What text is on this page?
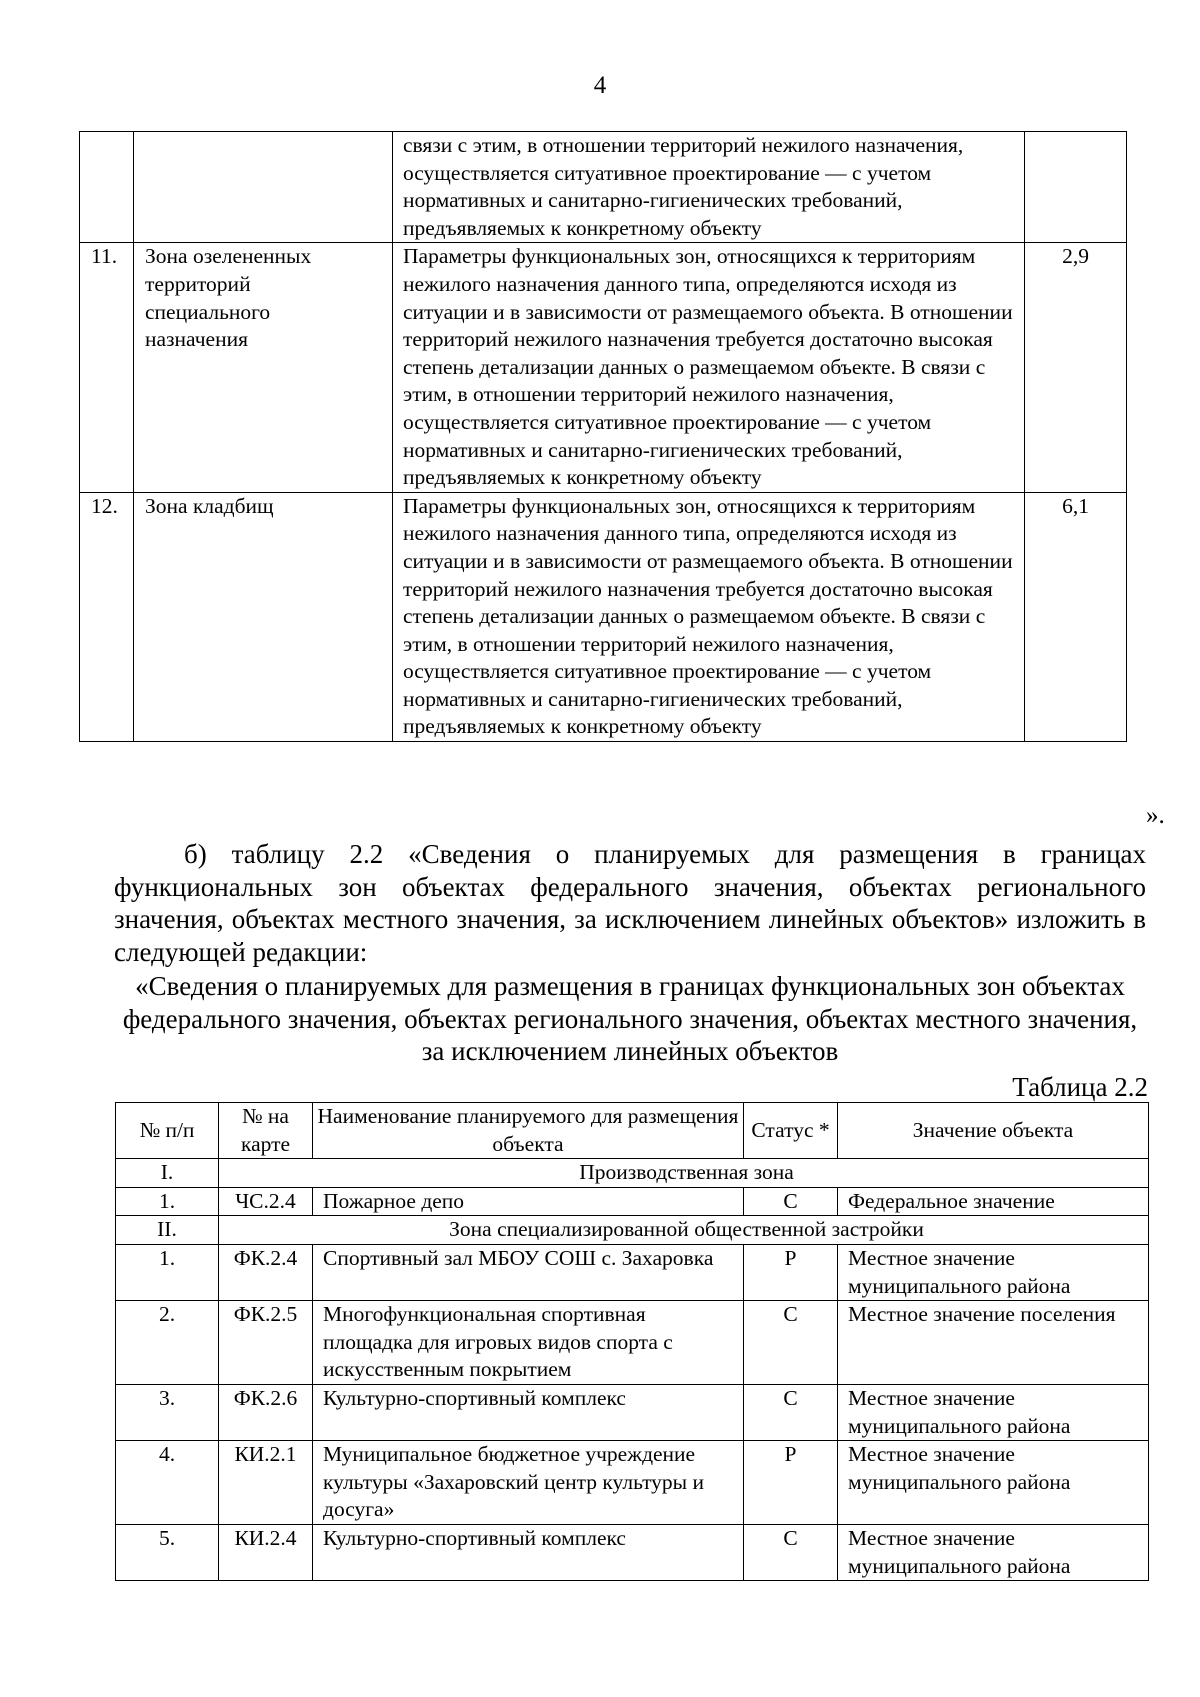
4
		связи с этим, в отношении территорий нежилого назначения, осуществляется ситуативное проектирование — с учетом нормативных и санитарно-гигиенических требований, предъявляемых к конкретному объекту	
11.	Зона озелененных территорий специального назначения	Параметры функциональных зон, относящихся к территориям нежилого назначения данного типа, определяются исходя из ситуации и в зависимости от размещаемого объекта. В отношении территорий нежилого назначения требуется достаточно высокая степень детализации данных о размещаемом объекте. В связи с этим, в отношении территорий нежилого назначения, осуществляется ситуативное проектирование — с учетом нормативных и санитарно-гигиенических требований, предъявляемых к конкретному объекту	2,9
12.	Зона кладбищ	Параметры функциональных зон, относящихся к территориям нежилого назначения данного типа, определяются исходя из ситуации и в зависимости от размещаемого объекта. В отношении территорий нежилого назначения требуется достаточно высокая степень детализации данных о размещаемом объекте. В связи с этим, в отношении территорий нежилого назначения, осуществляется ситуативное проектирование — с учетом нормативных и санитарно-гигиенических требований, предъявляемых к конкретному объекту	6,1
».

б) таблицу 2.2 «Сведения о планируемых для размещения в границах функциональных зон объектах федерального значения, объектах регионального значения, объектах местного значения, за исключением линейных объектов» изложить в следующей редакции:

«Сведения о планируемых для размещения в границах функциональных зон объектах федерального значения, объектах регионального значения, объектах местного значения, за исключением линейных объектов

Таблица 2.2
№ п/п	№ на карте	Наименование планируемого для размещения объекта	Статус *	Значение объекта
I.	Производственная зона			
1.	ЧС.2.4	Пожарное депо	С	Федеральное значение
II.	Зона специализированной общественной застройки			
1.	ФК.2.4	Спортивный зал МБОУ СОШ с. Захаровка	Р	Местное значение муниципального района
2.	ФК.2.5	Многофункциональная спортивная площадка для игровых видов спорта с искусственным покрытием	С	Местное значение поселения
3.	ФК.2.6	Культурно-спортивный комплекс	С	Местное значение муниципального района
4.	КИ.2.1	Муниципальное бюджетное учреждение культуры «Захаровский центр культуры и досуга»	Р	Местное значение муниципального района
5.	КИ.2.4	Культурно-спортивный комплекс	С	Местное значение муниципального района
